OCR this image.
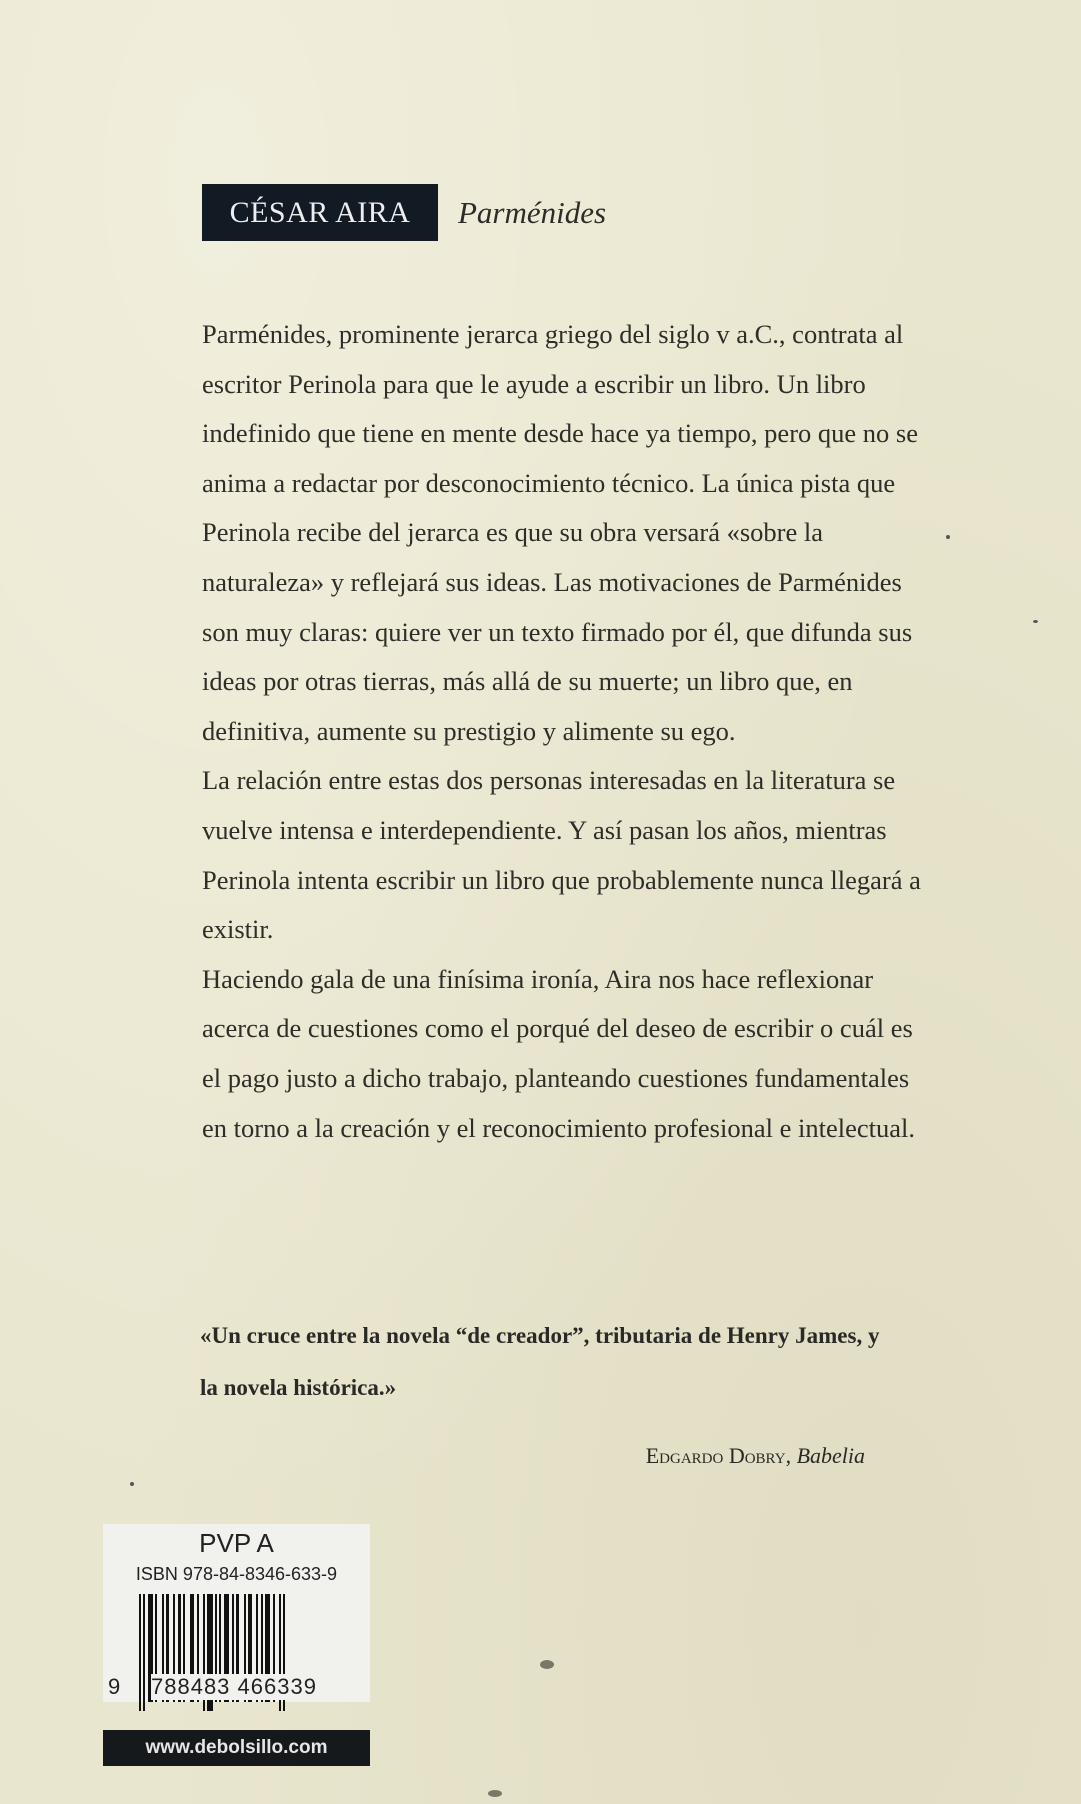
CÉSAR AIRA	Parménides

Parménides, prominente jerarca griego del siglo v a.C., contrata al escritor Perinola para que le ayude a escribir un libro. Un libro indefinido que tiene en mente desde hace ya tiempo, pero que no se anima a redactar por desconocimiento técnico. La única pista que Perinola recibe del jerarca es que su obra versará «sobre la naturaleza» y reflejará sus ideas. Las motivaciones de Parménides son muy claras: quiere ver un texto firmado por él, que difunda sus ideas por otras tierras, más allá de su muerte; un libro que, en definitiva, aumente su prestigio y alimente su ego.

La relación entre estas dos personas interesadas en la literatura se vuelve intensa e interdependiente. Y así pasan los años, mientras Perinola intenta escribir un libro que probablemente nunca llegará a existir.

Haciendo gala de una finísima ironía, Aira nos hace reflexionar acerca de cuestiones como el porqué del deseo de escribir o cuál es el pago justo a dicho trabajo, planteando cuestiones fundamentales en torno a la creación y el reconocimiento profesional e intelectual.

«Un cruce entre la novela “de creador”, tributaria de Henry James, y la novela histórica.»
Edgardo Dobry, Babelia
PVP A
ISBN 978-84-8346-633-9
9 788483 466339
www.debolsillo.com
